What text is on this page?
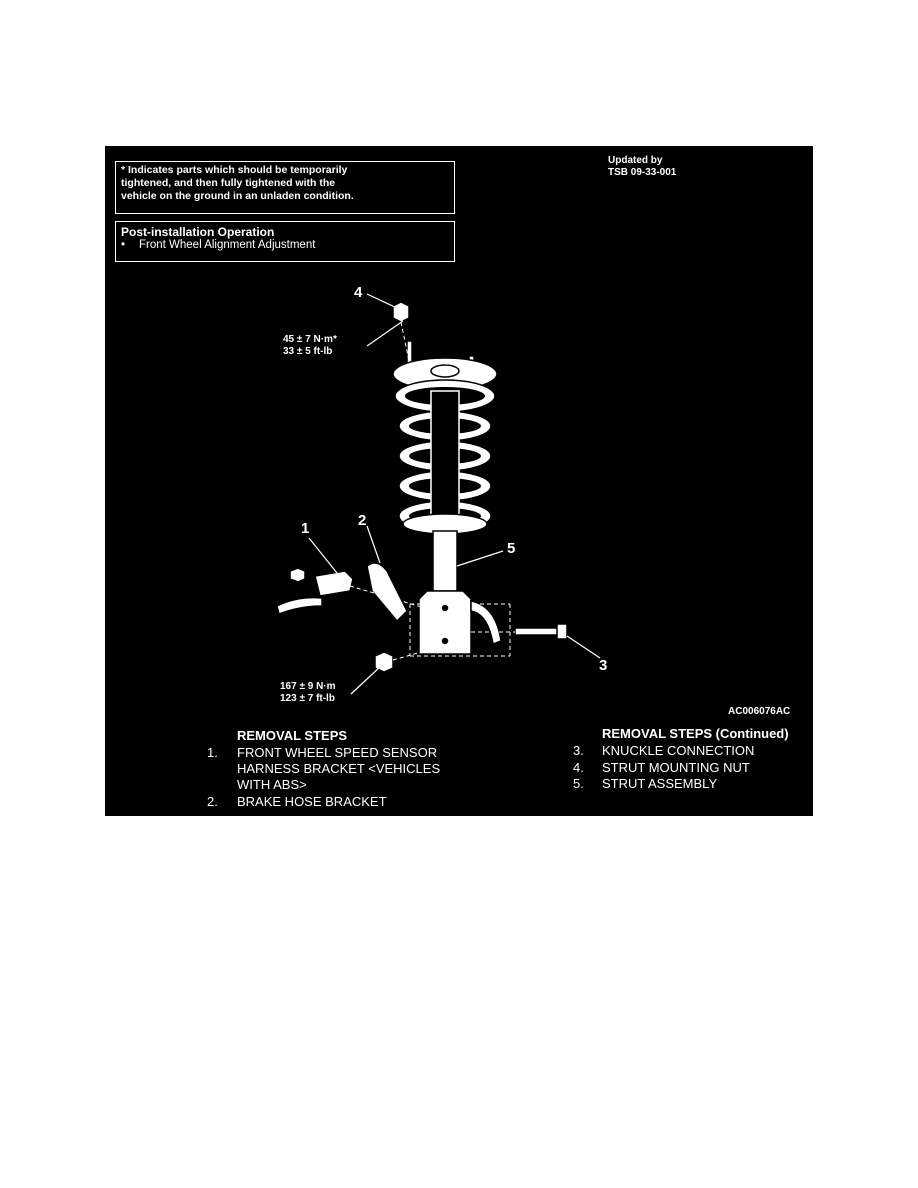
* Indicates parts which should be temporarily
tightened, and then fully tightened with the
vehicle on the ground in an unladen condition.
Post-installation Operation
• Front Wheel Alignment Adjustment
Updated by
TSB 09-33-001
4
45 ± 7 N·m*
33 ± 5 ft-lb
1	2
5
3
167 ± 9 N·m
123 ± 7 ft-lb
AC006076AC
REMOVAL STEPS
1. FRONT WHEEL SPEED SENSOR
HARNESS BRACKET <VEHICLES
WITH ABS>
2. BRAKE HOSE BRACKET
REMOVAL STEPS (Continued)
3. KNUCKLE CONNECTION
4. STRUT MOUNTING NUT
5. STRUT ASSEMBLY
